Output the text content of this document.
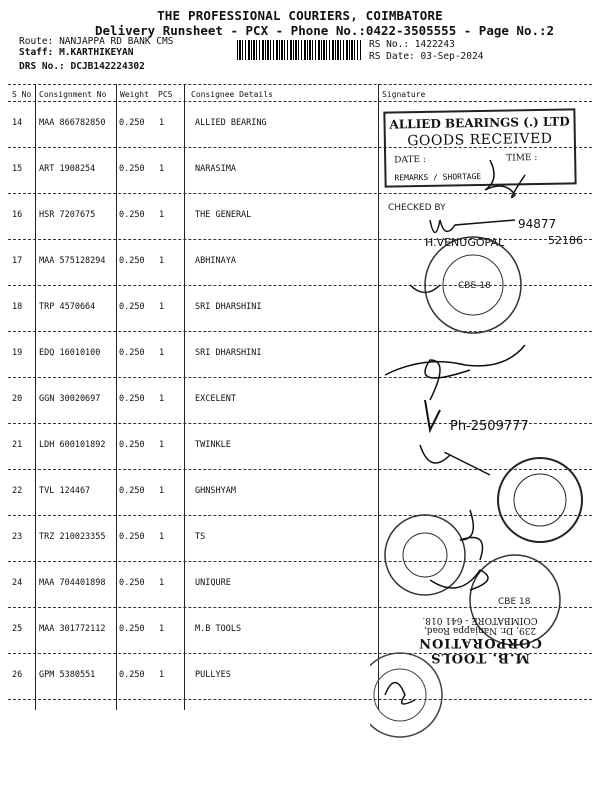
THE PROFESSIONAL COURIERS, COIMBATORE
Delivery Runsheet - PCX - Phone No.:0422-3505555 - Page No.:2
Route: NANJAPPA RD BANK CMS
Staff: M.KARTHIKEYAN
DRS No.: DCJB142224302
RS No.: 1422243
RS Date: 03-Sep-2024
S No Consignment No Weight PCS Consignee Details	Signature
14 MAA 866782850 0.250 1	ALLIED BEARING
15 ART 1908254	0.250 1	NARASIMA
16 HSR 7207675	0.250 1	THE GENERAL
17 MAA 575128294 0.250 1	ABHINAYA
18 TRP 4570664	0.250 1	SRI DHARSHINI
19 EDQ 16010100 0.250 1	SRI DHARSHINI
20 GGN 30020697 0.250 1	EXCELENT
21 LDH 600101892 0.250 1	TWINKLE
22 TVL 124467	0.250 1	GHNSHYAM
23 TRZ 210023355 0.250 1	TS
24 MAA 704401898 0.250 1	UNIQURE
25 MAA 301772112 0.250 1	M.B TOOLS
26 GPM 5380551	0.250 1	PULLYES
ALLIED BEARINGS (.) LTD
GOODS RECEIVED
DATE :	TIME :
REMARKS / SHORTAGE
CHECKED BY
94877
H.VENUGOPAL	52186
CBE-18
Ph-2509777
CBE 18
M.B. TOOLS CORPORATION
239, Dr. Nanjappa Road,
COIMBATORE - 641 018.
